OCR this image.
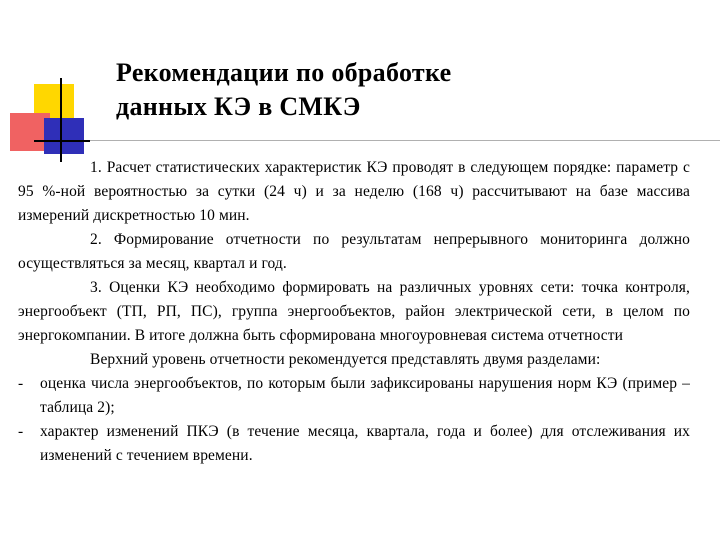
Рекомендации по обработке
данных КЭ в СМКЭ

1. Расчет статистических характеристик КЭ проводят в следующем порядке: параметр с 95 %-ной вероятностью за сутки (24 ч) и за неделю (168 ч) рассчитывают на базе массива измерений дискретностью 10 мин.

2. Формирование отчетности по результатам непрерывного мониторинга должно осуществляться за месяц, квартал и год.

3. Оценки КЭ необходимо формировать на различных уровнях сети: точка контроля, энергообъект (ТП, РП, ПС), группа энергообъектов, район электрической сети, в целом по энергокомпании. В итоге должна быть сформирована многоуровневая система отчетности

Верхний уровень отчетности рекомендуется представлять двумя разделами:

- оценка числа энергообъектов, по которым были зафиксированы нарушения норм КЭ (пример – таблица 2);
- характер изменений ПКЭ (в течение месяца, квартала, года и более) для отслеживания их изменений с течением времени.
